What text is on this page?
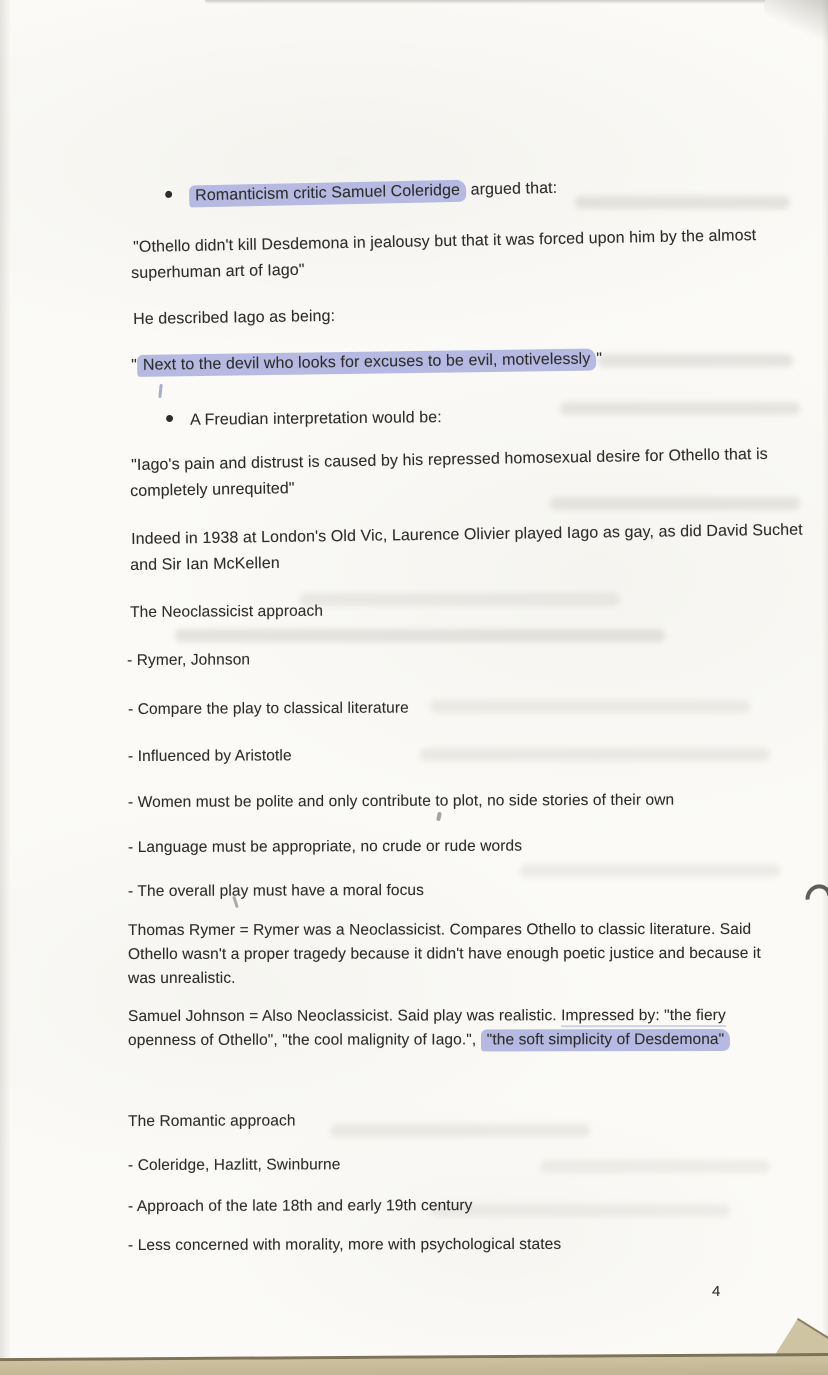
Romanticism critic Samuel Coleridge argued that:
"Othello didn't kill Desdemona in jealousy but that it was forced upon him by the almost
superhuman art of Iago"
He described Iago as being:
" Next to the devil who looks for excuses to be evil, motivelessly "
A Freudian interpretation would be:
"Iago's pain and distrust is caused by his repressed homosexual desire for Othello that is
completely unrequited"
Indeed in 1938 at London's Old Vic, Laurence Olivier played Iago as gay, as did David Suchet
and Sir Ian McKellen
The Neoclassicist approach
- Rymer, Johnson
- Compare the play to classical literature
- Influenced by Aristotle
- Women must be polite and only contribute to plot, no side stories of their own
- Language must be appropriate, no crude or rude words
- The overall play must have a moral focus
Thomas Rymer = Rymer was a Neoclassicist. Compares Othello to classic literature. Said
Othello wasn't a proper tragedy because it didn't have enough poetic justice and because it
was unrealistic.
Samuel Johnson = Also Neoclassicist. Said play was realistic. Impressed by: "the fiery
openness of Othello", "the cool malignity of Iago.", "the soft simplicity of Desdemona"
The Romantic approach
- Coleridge, Hazlitt, Swinburne
- Approach of the late 18th and early 19th century
- Less concerned with morality, more with psychological states
4
